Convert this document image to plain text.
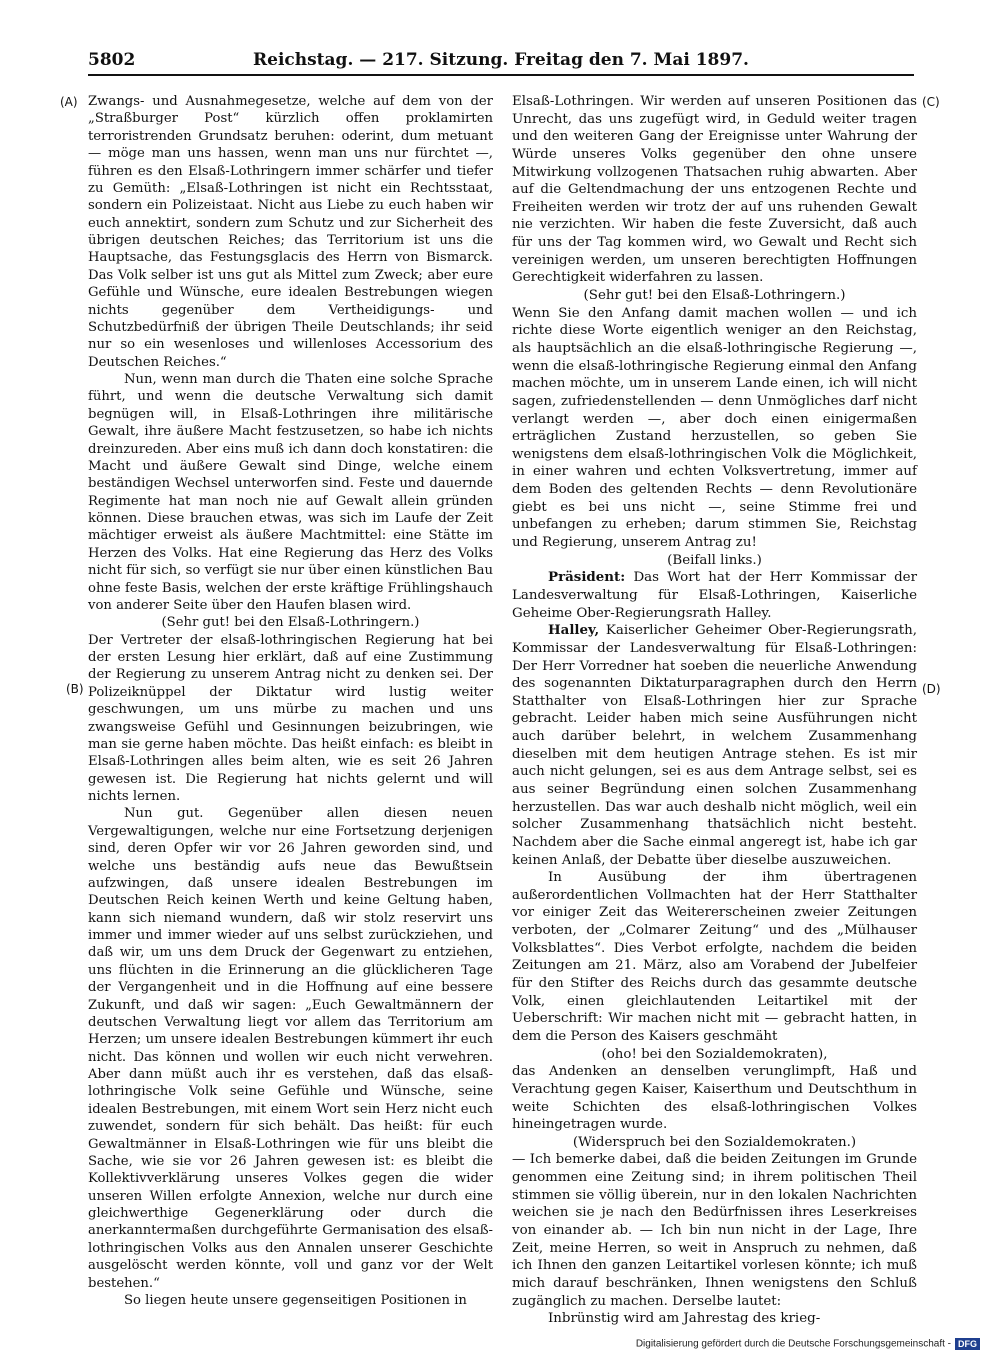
5802	Reichstag. — 217. Sitzung. Freitag den 7. Mai 1897.
(A)
(B)
(C)
(D)

Zwangs- und Ausnahmegesetze, welche auf dem von der „Straßburger Post“ kürzlich offen proklamirten terroristrenden Grundsatz beruhen: oderint, dum metuant — möge man uns hassen, wenn man uns nur fürchtet —, führen es den Elsaß-Lothringern immer schärfer und tiefer zu Gemüth: „Elsaß-Lothringen ist nicht ein Rechtsstaat, sondern ein Polizeistaat. Nicht aus Liebe zu euch haben wir euch annektirt, sondern zum Schutz und zur Sicherheit des übrigen deutschen Reiches; das Territorium ist uns die Hauptsache, das Festungsglacis des Herrn von Bismarck. Das Volk selber ist uns gut als Mittel zum Zweck; aber eure Gefühle und Wünsche, eure idealen Bestrebungen wiegen nichts gegenüber dem Vertheidigungs- und Schutzbedürfniß der übrigen Theile Deutschlands; ihr seid nur so ein wesenloses und willenloses Accessorium des Deutschen Reiches.“

Nun, wenn man durch die Thaten eine solche Sprache führt, und wenn die deutsche Verwaltung sich damit begnügen will, in Elsaß-Lothringen ihre militärische Gewalt, ihre äußere Macht festzusetzen, so habe ich nichts dreinzureden. Aber eins muß ich dann doch konstatiren: die Macht und äußere Gewalt sind Dinge, welche einem beständigen Wechsel unterworfen sind. Feste und dauernde Regimente hat man noch nie auf Gewalt allein gründen können. Diese brauchen etwas, was sich im Laufe der Zeit mächtiger erweist als äußere Machtmittel: eine Stätte im Herzen des Volks. Hat eine Regierung das Herz des Volks nicht für sich, so verfügt sie nur über einen künstlichen Bau ohne feste Basis, welchen der erste kräftige Frühlingshauch von anderer Seite über den Haufen blasen wird.

(Sehr gut! bei den Elsaß-Lothringern.)

Der Vertreter der elsaß-lothringischen Regierung hat bei der ersten Lesung hier erklärt, daß auf eine Zustimmung der Regierung zu unserem Antrag nicht zu denken sei. Der Polizeiknüppel der Diktatur wird lustig weiter geschwungen, um uns mürbe zu machen und uns zwangsweise Gefühl und Gesinnungen beizubringen, wie man sie gerne haben möchte. Das heißt einfach: es bleibt in Elsaß-Lothringen alles beim alten, wie es seit 26 Jahren gewesen ist. Die Regierung hat nichts gelernt und will nichts lernen.

Nun gut. Gegenüber allen diesen neuen Vergewaltigungen, welche nur eine Fortsetzung derjenigen sind, deren Opfer wir vor 26 Jahren geworden sind, und welche uns beständig aufs neue das Bewußtsein aufzwingen, daß unsere idealen Bestrebungen im Deutschen Reich keinen Werth und keine Geltung haben, kann sich niemand wundern, daß wir stolz reservirt uns immer und immer wieder auf uns selbst zurückziehen, und daß wir, um uns dem Druck der Gegenwart zu entziehen, uns flüchten in die Erinnerung an die glücklicheren Tage der Vergangenheit und in die Hoffnung auf eine bessere Zukunft, und daß wir sagen: „Euch Gewaltmännern der deutschen Verwaltung liegt vor allem das Territorium am Herzen; um unsere idealen Bestrebungen kümmert ihr euch nicht. Das können und wollen wir euch nicht verwehren. Aber dann müßt auch ihr es verstehen, daß das elsaß-lothringische Volk seine Gefühle und Wünsche, seine idealen Bestrebungen, mit einem Wort sein Herz nicht euch zuwendet, sondern für sich behält. Das heißt: für euch Gewaltmänner in Elsaß-Lothringen wie für uns bleibt die Sache, wie sie vor 26 Jahren gewesen ist: es bleibt die Kollektivverklärung unseres Volkes gegen die wider unseren Willen erfolgte Annexion, welche nur durch eine gleichwerthige Gegenerklärung oder durch die anerkanntermaßen durchgeführte Germanisation des elsaß-lothringischen Volks aus den Annalen unserer Geschichte ausgelöscht werden könnte, voll und ganz vor der Welt bestehen.“

So liegen heute unsere gegenseitigen Positionen in

Elsaß-Lothringen. Wir werden auf unseren Positionen das Unrecht, das uns zugefügt wird, in Geduld weiter tragen und den weiteren Gang der Ereignisse unter Wahrung der Würde unseres Volks gegenüber den ohne unsere Mitwirkung vollzogenen Thatsachen ruhig abwarten. Aber auf die Geltendmachung der uns entzogenen Rechte und Freiheiten werden wir trotz der auf uns ruhenden Gewalt nie verzichten. Wir haben die feste Zuversicht, daß auch für uns der Tag kommen wird, wo Gewalt und Recht sich vereinigen werden, um unseren berechtigten Hoffnungen Gerechtigkeit widerfahren zu lassen.

(Sehr gut! bei den Elsaß-Lothringern.)

Wenn Sie den Anfang damit machen wollen — und ich richte diese Worte eigentlich weniger an den Reichstag, als hauptsächlich an die elsaß-lothringische Regierung —, wenn die elsaß-lothringische Regierung einmal den Anfang machen möchte, um in unserem Lande einen, ich will nicht sagen, zufriedenstellenden — denn Unmögliches darf nicht verlangt werden —, aber doch einen einigermaßen erträglichen Zustand herzustellen, so geben Sie wenigstens dem elsaß-lothringischen Volk die Möglichkeit, in einer wahren und echten Volksvertretung, immer auf dem Boden des geltenden Rechts — denn Revolutionäre giebt es bei uns nicht —, seine Stimme frei und unbefangen zu erheben; darum stimmen Sie, Reichstag und Regierung, unserem Antrag zu!

(Beifall links.)

Präsident: Das Wort hat der Herr Kommissar der Landesverwaltung für Elsaß-Lothringen, Kaiserliche Geheime Ober-Regierungsrath Halley.

Halley, Kaiserlicher Geheimer Ober-Regierungsrath, Kommissar der Landesverwaltung für Elsaß-Lothringen: Der Herr Vorredner hat soeben die neuerliche Anwendung des sogenannten Diktaturparagraphen durch den Herrn Statthalter von Elsaß-Lothringen hier zur Sprache gebracht. Leider haben mich seine Ausführungen nicht auch darüber belehrt, in welchem Zusammenhang dieselben mit dem heutigen Antrage stehen. Es ist mir auch nicht gelungen, sei es aus dem Antrage selbst, sei es aus seiner Begründung einen solchen Zusammenhang herzustellen. Das war auch deshalb nicht möglich, weil ein solcher Zusammenhang thatsächlich nicht besteht. Nachdem aber die Sache einmal angeregt ist, habe ich gar keinen Anlaß, der Debatte über dieselbe auszuweichen.

In Ausübung der ihm übertragenen außerordentlichen Vollmachten hat der Herr Statthalter vor einiger Zeit das Weitererscheinen zweier Zeitungen verboten, der „Colmarer Zeitung“ und des „Mülhauser Volksblattes“. Dies Verbot erfolgte, nachdem die beiden Zeitungen am 21. März, also am Vorabend der Jubelfeier für den Stifter des Reichs durch das gesammte deutsche Volk, einen gleichlautenden Leitartikel mit der Ueberschrift: Wir machen nicht mit — gebracht hatten, in dem die Person des Kaisers geschmäht

(oho! bei den Sozialdemokraten),

das Andenken an denselben verunglimpft, Haß und Verachtung gegen Kaiser, Kaiserthum und Deutschthum in weite Schichten des elsaß-lothringischen Volkes hineingetragen wurde.

(Widerspruch bei den Sozialdemokraten.)

— Ich bemerke dabei, daß die beiden Zeitungen im Grunde genommen eine Zeitung sind; in ihrem politischen Theil stimmen sie völlig überein, nur in den lokalen Nachrichten weichen sie je nach den Bedürfnissen ihres Leserkreises von einander ab. — Ich bin nun nicht in der Lage, Ihre Zeit, meine Herren, so weit in Anspruch zu nehmen, daß ich Ihnen den ganzen Leitartikel vorlesen könnte; ich muß mich darauf beschränken, Ihnen wenigstens den Schluß zugänglich zu machen. Derselbe lautet:

Inbrünstig wird am Jahrestag des krieg-

Digitalisierung gefördert durch die Deutsche Forschungsgemeinschaft - DFG
